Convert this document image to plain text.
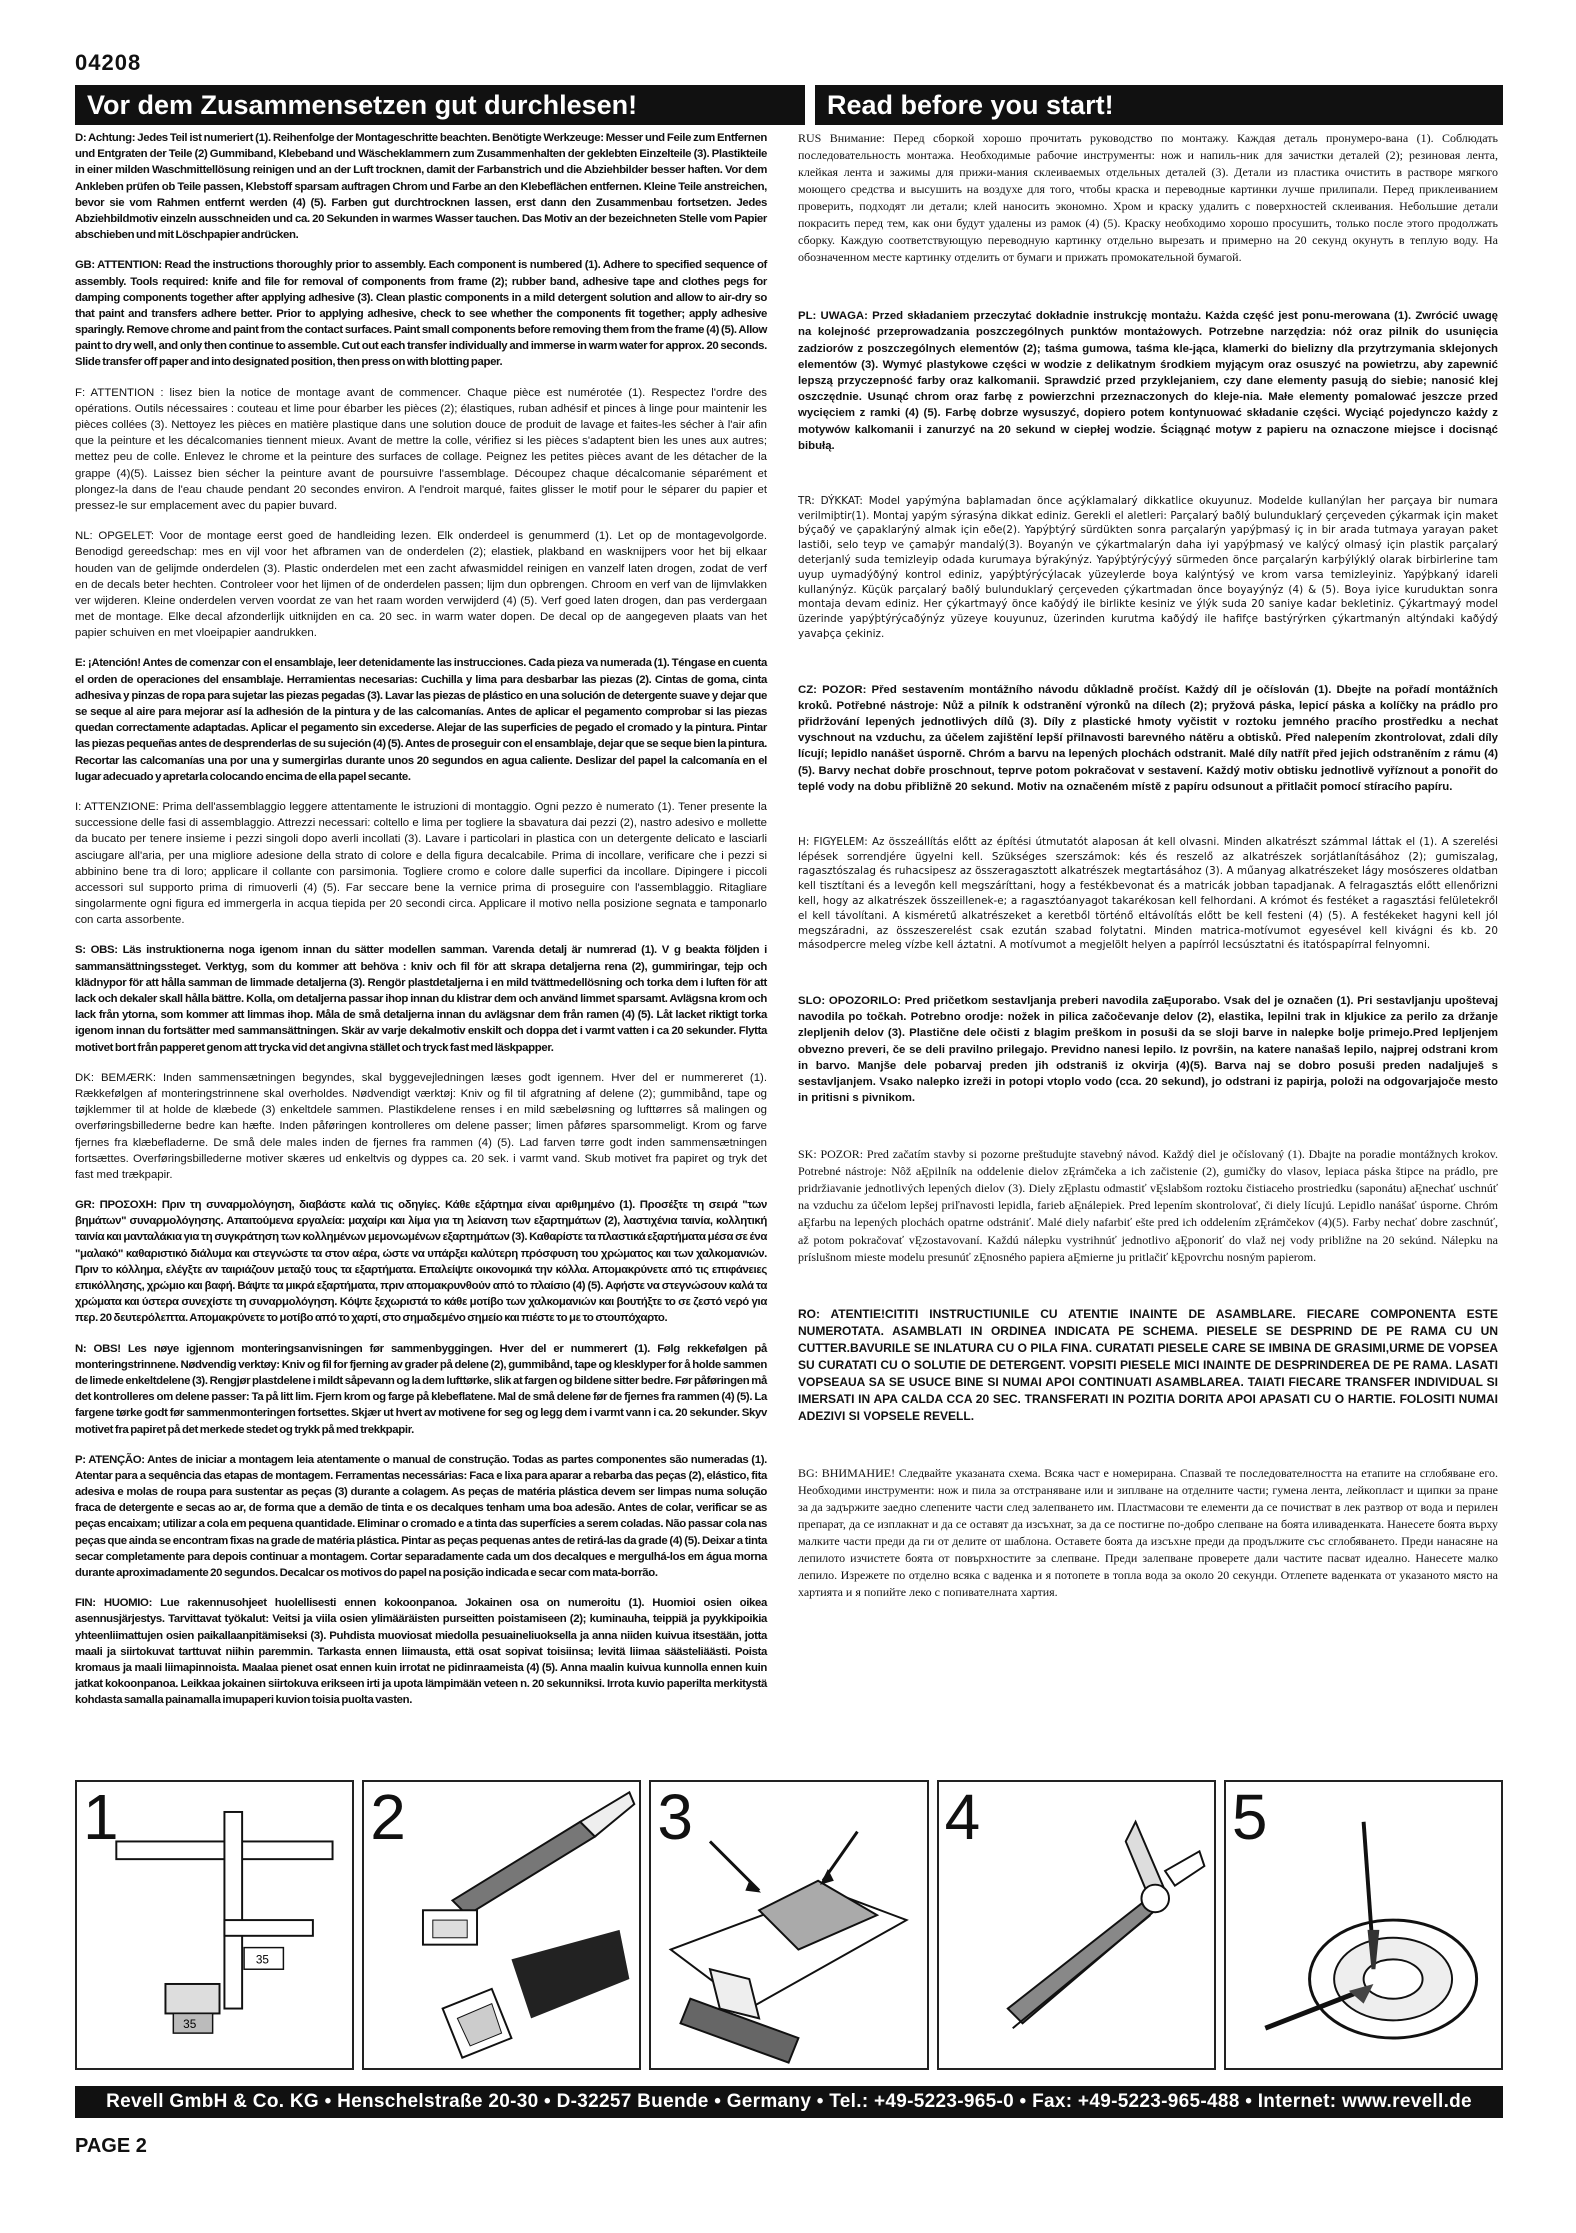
04208
Vor dem Zusammensetzen gut durchlesen!	Read before you start!

D: Achtung: Jedes Teil ist numeriert (1). Reihenfolge der Montageschritte beachten. Benötigte Werkzeuge: Messer und Feile zum Entfernen und Entgraten der Teile (2) Gummiband, Klebeband und Wäscheklammern zum Zusammenhalten der geklebten Einzelteile (3). Plastikteile in einer milden Waschmittellösung reinigen und an der Luft trocknen, damit der Farbanstrich und die Abziehbilder besser haften. Vor dem Ankleben prüfen ob Teile passen, Klebstoff sparsam auftragen Chrom und Farbe an den Klebeflächen entfernen. Kleine Teile anstreichen, bevor sie vom Rahmen entfernt werden (4) (5). Farben gut durchtrocknen lassen, erst dann den Zusammenbau fortsetzen. Jedes Abziehbildmotiv einzeln ausschneiden und ca. 20 Sekunden in warmes Wasser tauchen. Das Motiv an der bezeichneten Stelle vom Papier abschieben und mit Löschpapier andrücken.

GB: ATTENTION: Read the instructions thoroughly prior to assembly. Each component is numbered (1). Adhere to specified sequence of assembly. Tools required: knife and file for removal of components from frame (2); rubber band, adhesive tape and clothes pegs for damping components together after applying adhesive (3). Clean plastic components in a mild detergent solution and allow to air-dry so that paint and transfers adhere better. Prior to applying adhesive, check to see whether the components fit together; apply adhesive sparingly. Remove chrome and paint from the contact surfaces. Paint small components before removing them from the frame (4) (5). Allow paint to dry well, and only then continue to assemble. Cut out each transfer individually and immerse in warm water for approx. 20 seconds. Slide transfer off paper and into designated position, then press on with blotting paper.

F: ATTENTION : lisez bien la notice de montage avant de commencer. Chaque pièce est numérotée (1). Respectez l'ordre des opérations. Outils nécessaires : couteau et lime pour ébarber les pièces (2); élastiques, ruban adhésif et pinces à linge pour maintenir les pièces collées (3). Nettoyez les pièces en matière plastique dans une solution douce de produit de lavage et faites-les sécher à l'air afin que la peinture et les décalcomanies tiennent mieux. Avant de mettre la colle, vérifiez si les pièces s'adaptent bien les unes aux autres; mettez peu de colle. Enlevez le chrome et la peinture des surfaces de collage. Peignez les petites pièces avant de les détacher de la grappe (4)(5). Laissez bien sécher la peinture avant de poursuivre l'assemblage. Découpez chaque décalcomanie séparément et plongez-la dans de l'eau chaude pendant 20 secondes environ. A l'endroit marqué, faites glisser le motif pour le séparer du papier et pressez-le sur emplacement avec du papier buvard.

NL: OPGELET: Voor de montage eerst goed de handleiding lezen. Elk onderdeel is genummerd (1). Let op de montagevolgorde. Benodigd gereedschap: mes en vijl voor het afbramen van de onderdelen (2); elastiek, plakband en wasknijpers voor het bij elkaar houden van de gelijmde onderdelen (3). Plastic onderdelen met een zacht afwasmiddel reinigen en vanzelf laten drogen, zodat de verf en de decals beter hechten. Controleer voor het lijmen of de onderdelen passen; lijm dun opbrengen. Chroom en verf van de lijmvlakken ver wijderen. Kleine onderdelen verven voordat ze van het raam worden verwijderd (4) (5). Verf goed laten drogen, dan pas verdergaan met de montage. Elke decal afzonderlijk uitknijden en ca. 20 sec. in warm water dopen. De decal op de aangegeven plaats van het papier schuiven en met vloeipapier aandrukken.

E: ¡Atención! Antes de comenzar con el ensamblaje, leer detenidamente las instrucciones. Cada pieza va numerada (1). Téngase en cuenta el orden de operaciones del ensamblaje. Herramientas necesarias: Cuchilla y lima para desbarbar las piezas (2). Cintas de goma, cinta adhesiva y pinzas de ropa para sujetar las piezas pegadas (3). Lavar las piezas de plástico en una solución de detergente suave y dejar que se seque al aire para mejorar así la adhesión de la pintura y de las calcomanías. Antes de aplicar el pegamento comprobar si las piezas quedan correctamente adaptadas. Aplicar el pegamento sin excederse. Alejar de las superficies de pegado el cromado y la pintura. Pintar las piezas pequeñas antes de desprenderlas de su sujeción (4) (5). Antes de proseguir con el ensamblaje, dejar que se seque bien la pintura. Recortar las calcomanías una por una y sumergirlas durante unos 20 segundos en agua caliente. Deslizar del papel la calcomanía en el lugar adecuado y apretarla colocando encima de ella papel secante.

I: ATTENZIONE: Prima dell'assemblaggio leggere attentamente le istruzioni di montaggio. Ogni pezzo è numerato (1). Tener presente la successione delle fasi di assemblaggio. Attrezzi necessari: coltello e lima per togliere la sbavatura dai pezzi (2), nastro adesivo e mollette da bucato per tenere insieme i pezzi singoli dopo averli incollati (3). Lavare i particolari in plastica con un detergente delicato e lasciarli asciugare all'aria, per una migliore adesione della strato di colore e della figura decalcabile. Prima di incollare, verificare che i pezzi si abbinino bene tra di loro; applicare il collante con parsimonia. Togliere cromo e colore dalle superfici da incollare. Dipingere i piccoli accessori sul supporto prima di rimuoverli (4) (5). Far seccare bene la vernice prima di proseguire con l'assemblaggio. Ritagliare singolarmente ogni figura ed immergerla in acqua tiepida per 20 secondi circa. Applicare il motivo nella posizione segnata e tamponarlo con carta assorbente.

S: OBS: Läs instruktionerna noga igenom innan du sätter modellen samman. Varenda detalj är numrerad (1). V g beakta följden i sammansättningssteget. Verktyg, som du kommer att behöva : kniv och fil för att skrapa detaljerna rena (2), gummiringar, tejp och klädnypor för att hålla samman de limmade detaljerna (3). Rengör plastdetaljerna i en mild tvättmedellösning och torka dem i luften för att lack och dekaler skall hålla bättre. Kolla, om detaljerna passar ihop innan du klistrar dem och använd limmet sparsamt. Avlägsna krom och lack från ytorna, som kommer att limmas ihop. Måla de små detaljerna innan du avlägsnar dem från ramen (4) (5). Låt lacket riktigt torka igenom innan du fortsätter med sammansättningen. Skär av varje dekalmotiv enskilt och doppa det i varmt vatten i ca 20 sekunder. Flytta motivet bort från papperet genom att trycka vid det angivna stället och tryck fast med läskpapper.

DK: BEMÆRK: Inden sammensætningen begyndes, skal byggevejledningen læses godt igennem. Hver del er nummereret (1). Rækkefølgen af monteringstrinnene skal overholdes. Nødvendigt værktøj: Kniv og fil til afgratning af delene (2); gummibånd, tape og tøjklemmer til at holde de klæbede (3) enkeltdele sammen. Plastikdelene renses i en mild sæbeløsning og lufttørres så malingen og overføringsbillederne bedre kan hæfte. Inden påføringen kontrolleres om delene passer; limen påføres sparsommeligt. Krom og farve fjernes fra klæbefladerne. De små dele males inden de fjernes fra rammen (4) (5). Lad farven tørre godt inden sammensætningen fortsættes. Overføringsbillederne motiver skæres ud enkeltvis og dyppes ca. 20 sek. i varmt vand. Skub motivet fra papiret og tryk det fast med trækpapir.

GR: ΠΡΟΣΟΧΗ: Πριν τη συναρμολόγηση, διαβάστε καλά τις οδηγίες. Κάθε εξάρτημα είναι αριθμημένο (1). Προσέξτε τη σειρά "των βημάτων" συναρμολόγησης. Απαιτούμενα εργαλεία: μαχαίρι και λίμα για τη λείανση των εξαρτημάτων (2), λαστιχένια ταινία, κολλητική ταινία και μανταλάκια για τη συγκράτηση των κολλημένων μεμονωμένων εξαρτημάτων (3). Καθαρίστε τα πλαστικά εξαρτήματα μέσα σε ένα "μαλακό" καθαριστικό διάλυμα και στεγνώστε τα στον αέρα, ώστε να υπάρξει καλύτερη πρόσφυση του χρώματος και των χαλκομανιών. Πριν το κόλλημα, ελέγξτε αν ταιριάζουν μεταξύ τους τα εξαρτήματα. Επαλείψτε οικονομικά την κόλλα. Απομακρύνετε από τις επιφάνειες επικόλλησης, χρώμιο και βαφή. Βάψτε τα μικρά εξαρτήματα, πριν απομακρυνθούν από το πλαίσιο (4) (5). Αφήστε να στεγνώσουν καλά τα χρώματα και ύστερα συνεχίστε τη συναρμολόγηση. Κόψτε ξεχωριστά το κάθε μοτίβο των χαλκομανιών και βουτήξτε το σε ζεστό νερό για περ. 20 δευτερόλεπτα. Απομακρύνετε το μοτίβο από το χαρτί, στο σημαδεμένο σημείο και πιέστε το με το στουπόχαρτο.

N: OBS! Les nøye igjennom monteringsanvisningen før sammenbyggingen. Hver del er nummerert (1). Følg rekkefølgen på monteringstrinnene. Nødvendig verktøy: Kniv og fil for fjerning av grader på delene (2), gummibånd, tape og klesklyper for å holde sammen de limede enkeltdelene (3). Rengjør plastdelene i mildt såpevann og la dem lufttørke, slik at fargen og bildene sitter bedre. Før påføringen må det kontrolleres om delene passer: Ta på litt lim. Fjern krom og farge på klebeflatene. Mal de små delene før de fjernes fra rammen (4) (5). La fargene tørke godt før sammenmonteringen fortsettes. Skjær ut hvert av motivene for seg og legg dem i varmt vann i ca. 20 sekunder. Skyv motivet fra papiret på det merkede stedet og trykk på med trekkpapir.

P: ATENÇÃO: Antes de iniciar a montagem leia atentamente o manual de construção. Todas as partes componentes são numeradas (1). Atentar para a sequência das etapas de montagem. Ferramentas necessárias: Faca e lixa para aparar a rebarba das peças (2), elástico, fita adesiva e molas de roupa para sustentar as peças (3) durante a colagem. As peças de matéria plástica devem ser limpas numa solução fraca de detergente e secas ao ar, de forma que a demão de tinta e os decalques tenham uma boa adesão. Antes de colar, verificar se as peças encaixam; utilizar a cola em pequena quantidade. Eliminar o cromado e a tinta das superfícies a serem coladas. Não passar cola nas peças que ainda se encontram fixas na grade de matéria plástica. Pintar as peças pequenas antes de retirá-las da grade (4) (5). Deixar a tinta secar completamente para depois continuar a montagem. Cortar separadamente cada um dos decalques e mergulhá-los em água morna durante aproximadamente 20 segundos. Decalcar os motivos do papel na posição indicada e secar com mata-borrão.

FIN: HUOMIO: Lue rakennusohjeet huolellisesti ennen kokoonpanoa. Jokainen osa on numeroitu (1). Huomioi osien oikea asennusjärjestys. Tarvittavat työkalut: Veitsi ja viila osien ylimääräisten purseitten poistamiseen (2); kuminauha, teippiä ja pyykkipoikia yhteenliimattujen osien paikallaanpitämiseksi (3). Puhdista muoviosat miedolla pesuaineliuoksella ja anna niiden kuivua itsestään, jotta maali ja siirtokuvat tarttuvat niihin paremmin. Tarkasta ennen liimausta, että osat sopivat toisiinsa; levitä liimaa säästeliäästi. Poista kromaus ja maali liimapinnoista. Maalaa pienet osat ennen kuin irrotat ne pidinraameista (4) (5). Anna maalin kuivua kunnolla ennen kuin jatkat kokoonpanoa. Leikkaa jokainen siirtokuva erikseen irti ja upota lämpimään veteen n. 20 sekunniksi. Irrota kuvio paperilta merkitystä kohdasta samalla painamalla imupaperi kuvion toisia puolta vasten.

RUS Внимание: Перед сборкой хорошо прочитать руководство по монтажу. Каждая деталь пронумеро-вана (1). Соблюдать последовательность монтажа. Необходимые рабочие инструменты: нож и напиль-ник для зачистки деталей (2); резиновая лента, клейкая лента и зажимы для прижи-мания склеиваемых отдельных деталей (3). Детали из пластика очистить в растворе мягкого моющего средства и высушить на воздухе для того, чтобы краска и переводные картинки лучше прилипали. Перед приклеиванием проверить, подходят ли детали; клей наносить экономно. Хром и краску удалить с поверхностей склеивания. Небольшие детали покрасить перед тем, как они будут удалены из рамок (4) (5). Краску необходимо хорошо просушить, только после этого продолжать сборку. Каждую соответствующую переводную картинку отдельно вырезать и примерно на 20 секунд окунуть в теплую воду. На обозначенном месте картинку отделить от бумаги и прижать промокательной бумагой.

PL: UWAGA: Przed składaniem przeczytać dokładnie instrukcję montażu. Każda część jest ponu-merowana (1). Zwrócić uwagę na kolejność przeprowadzania poszczególnych punktów montażowych. Potrzebne narzędzia: nóż oraz pilnik do usunięcia zadziorów z poszczególnych elementów (2); taśma gumowa, taśma kle-jąca, klamerki do bielizny dla przytrzymania sklejonych elementów (3). Wymyć plastykowe części w wodzie z delikatnym środkiem myjącym oraz osuszyć na powietrzu, aby zapewnić lepszą przyczepność farby oraz kalkomanii. Sprawdzić przed przyklejaniem, czy dane elementy pasują do siebie; nanosić klej oszczędnie. Usunąć chrom oraz farbę z powierzchni przeznaczonych do kleje-nia. Małe elementy pomalować jeszcze przed wycięciem z ramki (4) (5). Farbę dobrze wysuszyć, dopiero potem kontynuować składanie części. Wyciąć pojedynczo każdy z motywów kalkomanii i zanurzyć na 20 sekund w ciepłej wodzie. Ściągnąć motyw z papieru na oznaczone miejsce i docisnąć bibułą.

TR: DÝKKAT: Model yapýmýna baþlamadan önce açýklamalarý dikkatlice okuyunuz. Modelde kullanýlan her parçaya bir numara verilmiþtir(1). Montaj yapým sýrasýna dikkat ediniz. Gerekli el aletleri: Parçalarý baðlý bulunduklarý çerçeveden çýkarmak için maket býçaðý ve çapaklarýný almak için eðe(2). Yapýþtýrý sürdükten sonra parçalarýn yapýþmasý iç in bir arada tutmaya yarayan paket lastiði, selo teyp ve çamaþýr mandalý(3). Boyanýn ve çýkartmalarýn daha iyi yapýþmasý ve kalýcý olmasý için plastik parçalarý deterjanlý suda temizleyip odada kurumaya býrakýnýz. Yapýþtýrýcýyý sürmeden önce parçalarýn karþýlýklý olarak birbirlerine tam uyup uymadýðýný kontrol ediniz, yapýþtýrýcýlacak yüzeylerde boya kalýntýsý ve krom varsa temizleyiniz. Yapýþkaný idareli kullanýnýz. Küçük parçalarý baðlý bulunduklarý çerçeveden çýkartmadan önce boyayýnýz (4) & (5). Boya iyice kuruduktan sonra montaja devam ediniz. Her çýkartmayý önce kaðýdý ile birlikte kesiniz ve ýlýk suda 20 saniye kadar bekletiniz. Çýkartmayý model üzerinde yapýþtýrýcaðýnýz yüzeye kouyunuz, üzerinden kurutma kaðýdý ile hafifçe bastýrýrken çýkartmanýn altýndaki kaðýdý yavaþça çekiniz.

CZ: POZOR: Před sestavením montážního návodu důkladně pročíst. Každý díl je očíslován (1). Dbejte na pořadí montážních kroků. Potřebné nástroje: Nůž a pilník k odstranění výronků na dílech (2); pryžová páska, lepicí páska a kolíčky na prádlo pro přidržování lepených jednotlivých dílů (3). Díly z plastické hmoty vyčistit v roztoku jemného pracího prostředku a nechat vyschnout na vzduchu, za účelem zajištění lepší přilnavosti barevného nátěru a obtisků. Před nalepením zkontrolovat, zdali díly lícují; lepidlo nanášet úsporně. Chróm a barvu na lepených plochách odstranit. Malé díly natřít před jejich odstraněním z rámu (4) (5). Barvy nechat dobře proschnout, teprve potom pokračovat v sestavení. Každý motiv obtisku jednotlivě vyříznout a ponořit do teplé vody na dobu přibližně 20 sekund. Motiv na označeném místě z papíru odsunout a přitlačit pomocí stíracího papíru.

H: FIGYELEM: Az összeállítás előtt az építési útmutatót alaposan át kell olvasni. Minden alkatrészt számmal láttak el (1). A szerelési lépések sorrendjére ügyelni kell. Szükséges szerszámok: kés és reszelő az alkatrészek sorjátlanításához (2); gumiszalag, ragasztószalag és ruhacsipesz az összeragasztott alkatrészek megtartásához (3). A műanyag alkatrészeket lágy mosószeres oldatban kell tisztítani és a levegőn kell megszáríttani, hogy a festékbevonat és a matricák jobban tapadjanak. A felragasztás előtt ellenőrizni kell, hogy az alkatrészek összeillenek-e; a ragasztóanyagot takarékosan kell felhordani. A krómot és festéket a ragasztási felületekről el kell távolítani. A kisméretű alkatrészeket a keretből történő eltávolítás előtt be kell festeni (4) (5). A festékeket hagyni kell jól megszáradni, az összeszerelést csak ezután szabad folytatni. Minden matrica-motívumot egyesével kell kivágni és kb. 20 másodpercre meleg vízbe kell áztatni. A motívumot a megjelölt helyen a papírról lecsúsztatni és itatóspapírral felnyomni.

SLO: OPOZORILO: Pred pričetkom sestavljanja preberi navodila zaĘuporabo. Vsak del je označen (1). Pri sestavljanju upoštevaj navodila po točkah. Potrebno orodje: nožek in pilica začočevanje delov (2), elastika, lepilni trak in kljukice za perilo za držanje zlepljenih delov (3). Plastične dele očisti z blagim preškom in posuši da se sloji barve in nalepke bolje primejo.Pred lepljenjem obvezno preveri, če se deli pravilno prilegajo. Previdno nanesi lepilo. Iz površin, na katere nanašaš lepilo, najprej odstrani krom in barvo. Manjše dele pobarvaj preden jih odstraniš iz okvirja (4)(5). Barva naj se dobro posuši preden nadaljuješ s sestavljanjem. Vsako nalepko izreži in potopi vtoplo vodo (cca. 20 sekund), jo odstrani iz papirja, položi na odgovarjajoče mesto in pritisni s pivnikom.

SK: POZOR: Pred začatím stavby si pozorne preštudujte stavebný návod. Každý diel je očíslovaný (1). Dbajte na poradie montážnych krokov. Potrebné nástroje: Nôž aĘpilník na oddelenie dielov zĘrámčeka a ich začistenie (2), gumičky do vlasov, lepiaca páska štipce na prádlo, pre pridržiavanie jednotlivých lepených dielov (3). Diely zĘplastu odmastiť vĘslabšom roztoku čistiaceho prostriedku (saponátu) aĘnechať uschnúť na vzduchu za účelom lepšej priľnavosti lepidla, farieb aĘnálepiek. Pred lepením skontrolovať, či diely lícujú. Lepidlo nanášať úsporne. Chróm aĘfarbu na lepených plochách opatrne odstrániť. Malé diely nafarbiť ešte pred ich oddelením zĘrámčekov (4)(5). Farby nechať dobre zaschnúť, až potom pokračovať vĘzostavovaní. Každú nálepku vystrihnúť jednotlivo aĘponoriť do vlaž nej vody približne na 20 sekúnd. Nálepku na príslušnom mieste modelu presunúť zĘnosného papiera aĘmierne ju pritlačiť kĘpovrchu nosným papierom.

RO: ATENTIE!CITITI INSTRUCTIUNILE CU ATENTIE INAINTE DE ASAMBLARE. FIECARE COMPONENTA ESTE NUMEROTATA. ASAMBLATI IN ORDINEA INDICATA PE SCHEMA. PIESELE SE DESPRIND DE PE RAMA CU UN CUTTER.BAVURILE SE INLATURA CU O PILA FINA. CURATATI PIESELE CARE SE IMBINA DE GRASIMI,URME DE VOPSEA SU CURATATI CU O SOLUTIE DE DETERGENT. VOPSITI PIESELE MICI INAINTE DE DESPRINDEREA DE PE RAMA. LASATI VOPSEAUA SA SE USUCE BINE SI NUMAI APOI CONTINUATI ASAMBLAREA. TAIATI FIECARE TRANSFER INDIVIDUAL SI IMERSATI IN APA CALDA CCA 20 SEC. TRANSFERATI IN POZITIA DORITA APOI APASATI CU O HARTIE. FOLOSITI NUMAI ADEZIVI SI VOPSELE REVELL.

BG: ВНИМАНИЕ! Следвайте указаната схема. Всяка част е номерирана. Спазвай те последователността на етапите на сглобяване его. Необходими инструменти: нож и пила за отстраняване или и зиплване на отделните части; гумена лента, лейкопласт и щипки за пране за да задържите заедно слепените части след залепването им. Пластмасови те елементи да се почистват в лек разтвор от вода и перилен препарат, да се изплакнат и да се оставят да изсъхнат, за да се постигне по-добро слепване на боята иливаденката. Нанесете боята върху малките части преди да ги от делите от шаблона. Оставете боята да изсъхне преди да продължите със сглобяването. Преди нанасяне на лепилото изчистете боята от повърхностите за слепване. Преди залепване проверете дали частите пасват идеално. Нанесете малко лепило. Изрежете по отделно всяка с ваденка и я потопете в топла вода за около 20 секунди. Отлепете ваденката от указаното място на хартията и я попийте леко с попивателната хартия.

35
35
1	2	3	4	5
Revell GmbH & Co. KG • Henschelstraße 20-30 • D-32257 Buende • Germany • Tel.: +49-5223-965-0 • Fax: +49-5223-965-488 • Internet: www.revell.de
PAGE 2
